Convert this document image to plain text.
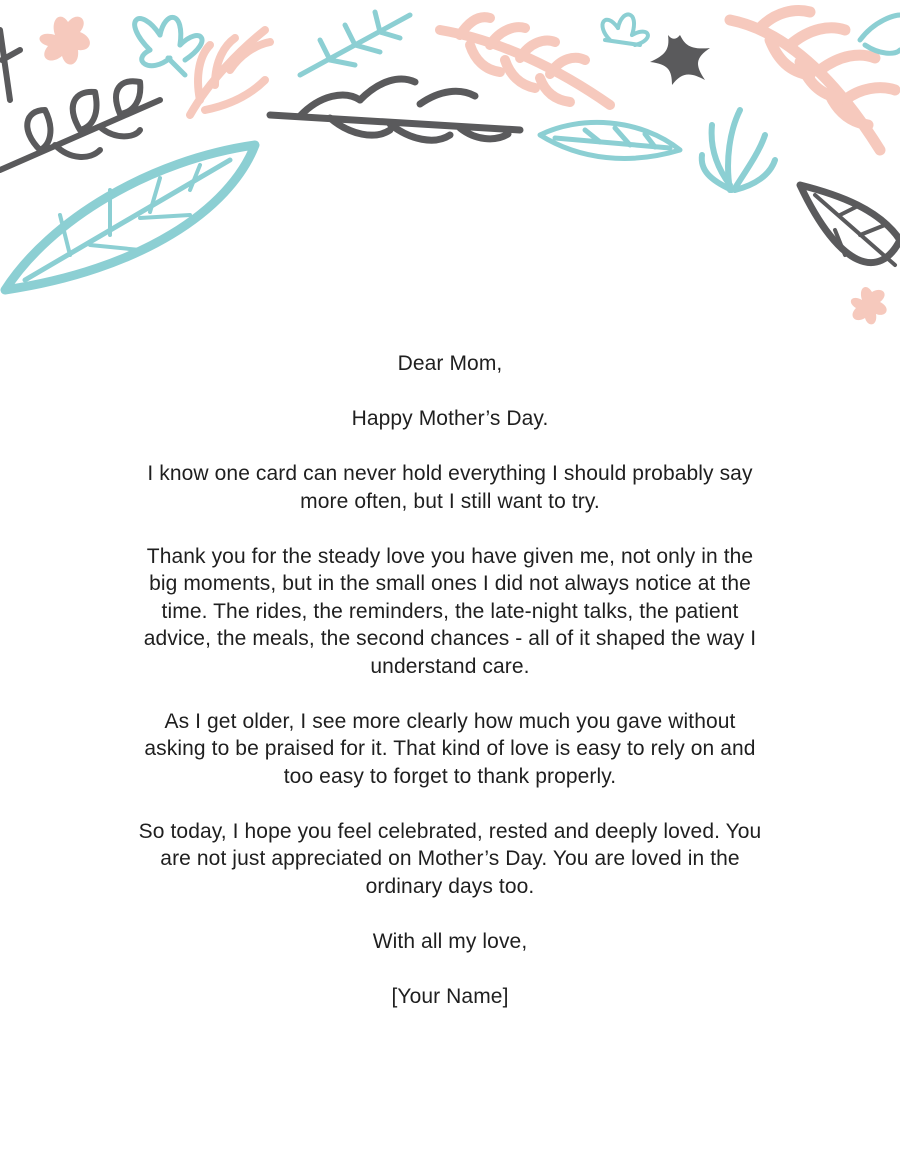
Dear Mom,

Happy Mother’s Day.

I know one card can never hold everything I should probably say more often, but I still want to try.

Thank you for the steady love you have given me, not only in the big moments, but in the small ones I did not always notice at the time. The rides, the reminders, the late-night talks, the patient advice, the meals, the second chances - all of it shaped the way I understand care.

As I get older, I see more clearly how much you gave without asking to be praised for it. That kind of love is easy to rely on and too easy to forget to thank properly.

So today, I hope you feel celebrated, rested and deeply loved. You are not just appreciated on Mother’s Day. You are loved in the ordinary days too.

With all my love,

[Your Name]
